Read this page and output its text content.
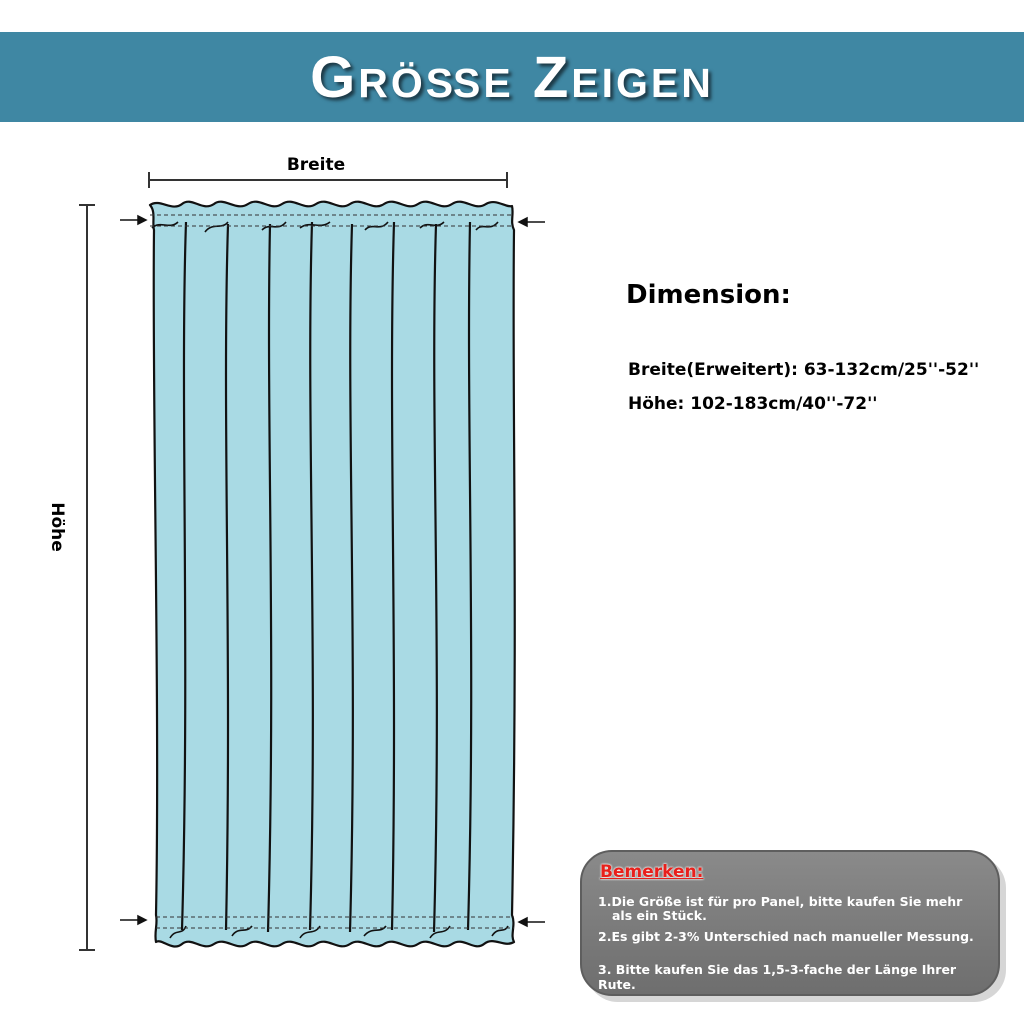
Größe Zeigen
Breite
Höhe
Dimension:
Breite(Erweitert): 63-132cm/25''-52''
Höhe: 102-183cm/40''-72''
Bemerken:
1.Die Größe ist für pro Panel, bitte kaufen Sie mehr
als ein Stück.
2.Es gibt 2-3% Unterschied nach manueller Messung.
3. Bitte kaufen Sie das 1,5-3-fache der Länge Ihrer Rute.
